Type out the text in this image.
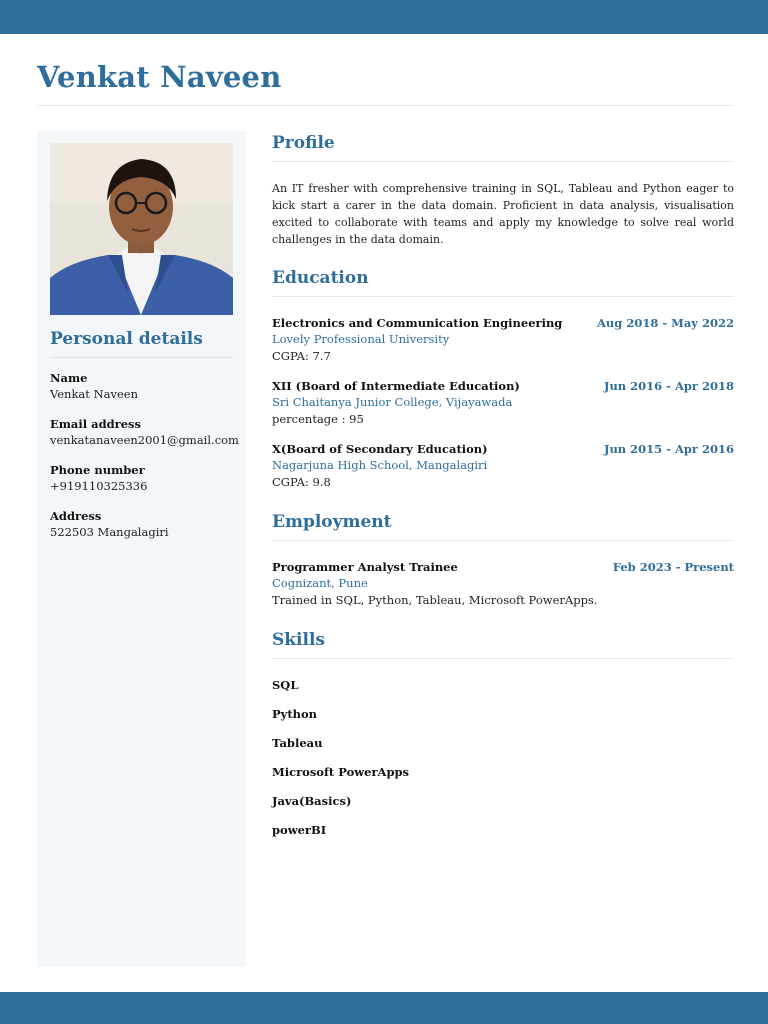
Venkat Naveen
Personal details
Name
Venkat Naveen
Email address
venkatanaveen2001@gmail.com
Phone number
+919110325336
Address
522503 Mangalagiri
Profile
An IT fresher with comprehensive training in SQL, Tableau and Python eager to kick start a carer in the data domain. Proficient in data analysis, visualisation excited to collaborate with teams and apply my knowledge to solve real world challenges in the data domain.
Education
Electronics and Communication Engineering	Aug 2018 - May 2022
Lovely Professional University
CGPA: 7.7
XII (Board of Intermediate Education)	Jun 2016 - Apr 2018
Sri Chaitanya Junior College, Vijayawada
percentage : 95
X(Board of Secondary Education)	Jun 2015 - Apr 2016
Nagarjuna High School, Mangalagiri
CGPA: 9.8
Employment
Programmer Analyst Trainee	Feb 2023 - Present
Cognizant, Pune
Trained in SQL, Python, Tableau, Microsoft PowerApps.
Skills
SQL
Python
Tableau
Microsoft PowerApps
Java(Basics)
powerBI
